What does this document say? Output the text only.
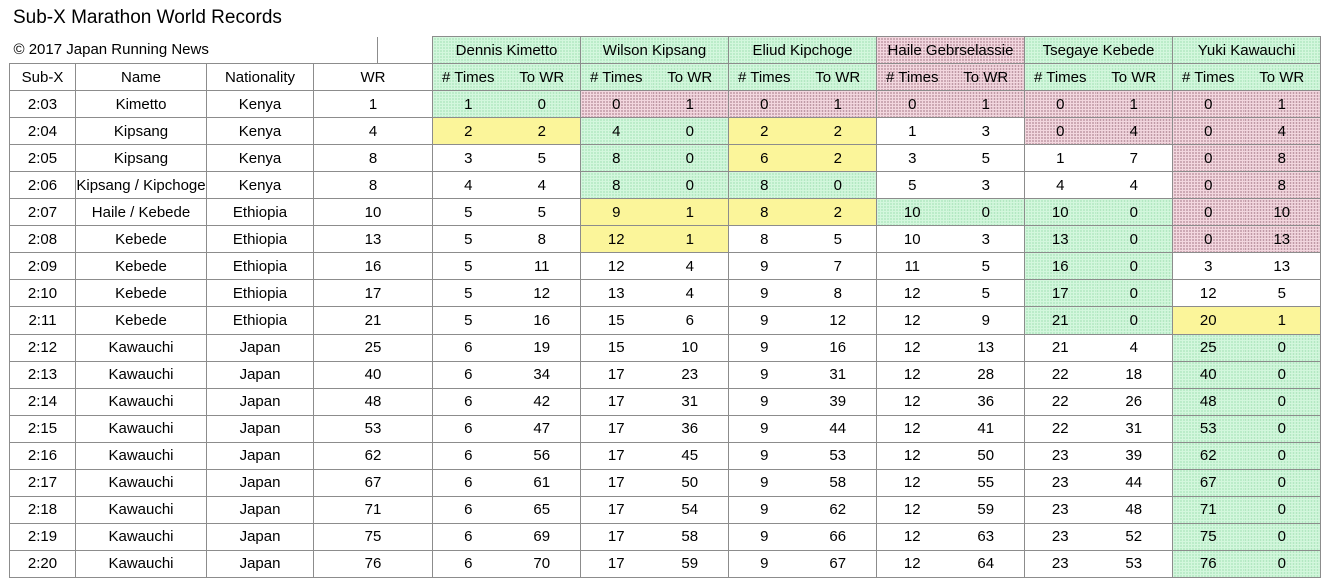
Sub-X Marathon World Records
© 2017 Japan Running News					Dennis Kimetto		Wilson Kipsang		Eliud Kipchoge		Haile Gebrselassie		Tsegaye Kebede		Yuki Kawauchi	
Sub-X	Name	Nationality	WR		# Times	To WR	# Times	To WR	# Times	To WR	# Times	To WR	# Times	To WR	# Times	To WR
2:03	Kimetto	Kenya	1		1	0	0	1	0	1	0	1	0	1	0	1
2:04	Kipsang	Kenya	4		2	2	4	0	2	2	1	3	0	4	0	4
2:05	Kipsang	Kenya	8		3	5	8	0	6	2	3	5	1	7	0	8
2:06	Kipsang / Kipchoge	Kenya	8		4	4	8	0	8	0	5	3	4	4	0	8
2:07	Haile / Kebede	Ethiopia	10		5	5	9	1	8	2	10	0	10	0	0	10
2:08	Kebede	Ethiopia	13		5	8	12	1	8	5	10	3	13	0	0	13
2:09	Kebede	Ethiopia	16		5	11	12	4	9	7	11	5	16	0	3	13
2:10	Kebede	Ethiopia	17		5	12	13	4	9	8	12	5	17	0	12	5
2:11	Kebede	Ethiopia	21		5	16	15	6	9	12	12	9	21	0	20	1
2:12	Kawauchi	Japan	25		6	19	15	10	9	16	12	13	21	4	25	0
2:13	Kawauchi	Japan	40		6	34	17	23	9	31	12	28	22	18	40	0
2:14	Kawauchi	Japan	48		6	42	17	31	9	39	12	36	22	26	48	0
2:15	Kawauchi	Japan	53		6	47	17	36	9	44	12	41	22	31	53	0
2:16	Kawauchi	Japan	62		6	56	17	45	9	53	12	50	23	39	62	0
2:17	Kawauchi	Japan	67		6	61	17	50	9	58	12	55	23	44	67	0
2:18	Kawauchi	Japan	71		6	65	17	54	9	62	12	59	23	48	71	0
2:19	Kawauchi	Japan	75		6	69	17	58	9	66	12	63	23	52	75	0
2:20	Kawauchi	Japan	76		6	70	17	59	9	67	12	64	23	53	76	0
